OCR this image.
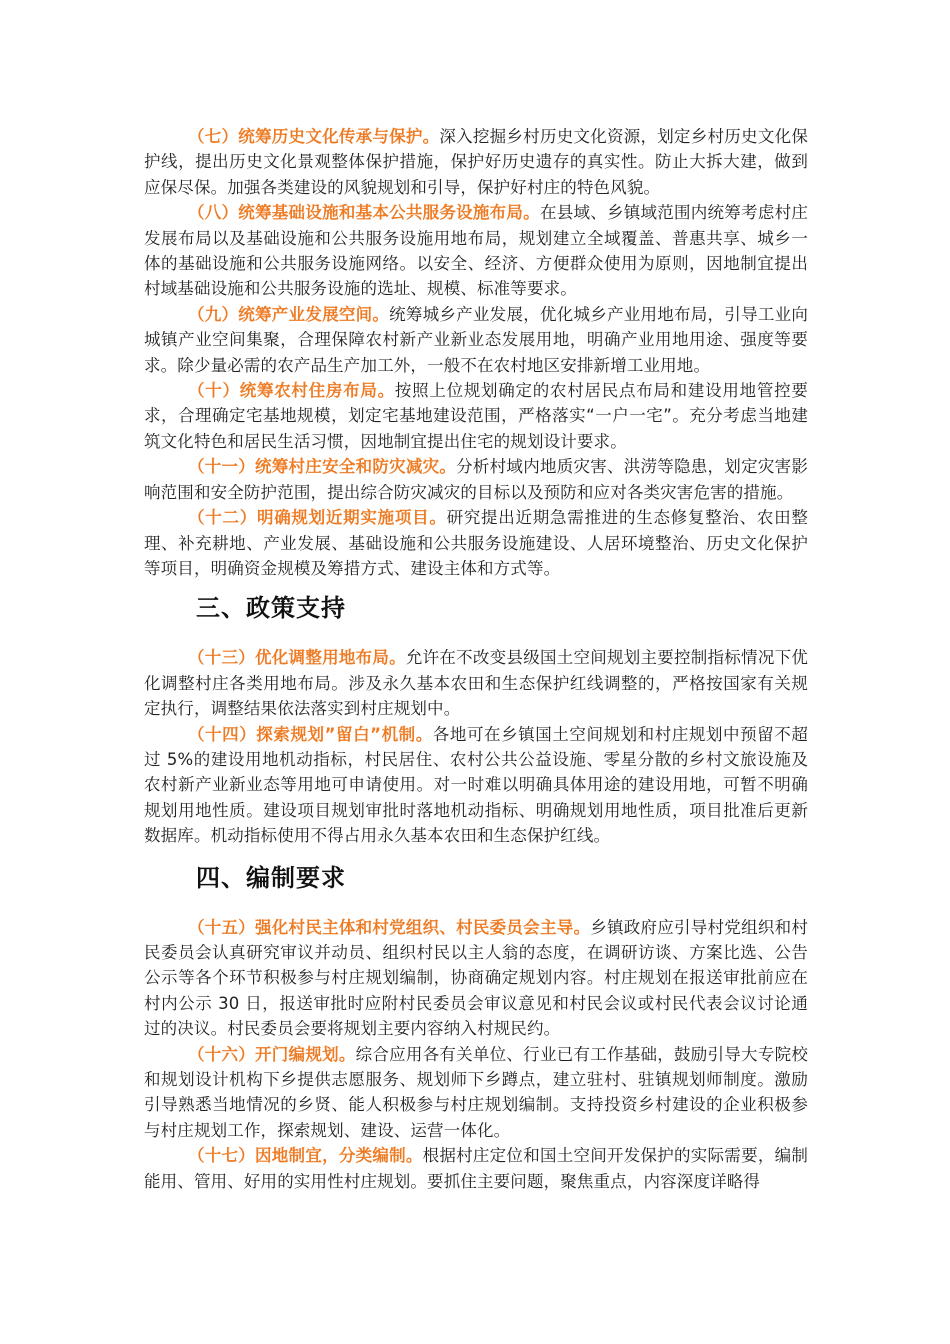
（七）统筹历史文化传承与保护。深入挖掘乡村历史文化资源，划定乡村历史文化保护线，提出历史文化景观整体保护措施，保护好历史遗存的真实性。防止大拆大建，做到应保尽保。加强各类建设的风貌规划和引导，保护好村庄的特色风貌。

（八）统筹基础设施和基本公共服务设施布局。在县域、乡镇域范围内统筹考虑村庄发展布局以及基础设施和公共服务设施用地布局，规划建立全域覆盖、普惠共享、城乡一体的基础设施和公共服务设施网络。以安全、经济、方便群众使用为原则，因地制宜提出村域基础设施和公共服务设施的选址、规模、标准等要求。

（九）统筹产业发展空间。统筹城乡产业发展，优化城乡产业用地布局，引导工业向城镇产业空间集聚，合理保障农村新产业新业态发展用地，明确产业用地用途、强度等要求。除少量必需的农产品生产加工外，一般不在农村地区安排新增工业用地。

（十）统筹农村住房布局。按照上位规划确定的农村居民点布局和建设用地管控要求，合理确定宅基地规模，划定宅基地建设范围，严格落实“一户一宅”。充分考虑当地建筑文化特色和居民生活习惯，因地制宜提出住宅的规划设计要求。

（十一）统筹村庄安全和防灾减灾。分析村域内地质灾害、洪涝等隐患，划定灾害影响范围和安全防护范围，提出综合防灾减灾的目标以及预防和应对各类灾害危害的措施。

（十二）明确规划近期实施项目。研究提出近期急需推进的生态修复整治、农田整理、补充耕地、产业发展、基础设施和公共服务设施建设、人居环境整治、历史文化保护等项目，明确资金规模及筹措方式、建设主体和方式等。

三、政策支持

（十三）优化调整用地布局。允许在不改变县级国土空间规划主要控制指标情况下优化调整村庄各类用地布局。涉及永久基本农田和生态保护红线调整的，严格按国家有关规定执行，调整结果依法落实到村庄规划中。

（十四）探索规划”留白”机制。各地可在乡镇国土空间规划和村庄规划中预留不超过 5%的建设用地机动指标，村民居住、农村公共公益设施、零星分散的乡村文旅设施及农村新产业新业态等用地可申请使用。对一时难以明确具体用途的建设用地，可暂不明确规划用地性质。建设项目规划审批时落地机动指标、明确规划用地性质，项目批准后更新数据库。机动指标使用不得占用永久基本农田和生态保护红线。

四、编制要求

（十五）强化村民主体和村党组织、村民委员会主导。乡镇政府应引导村党组织和村民委员会认真研究审议并动员、组织村民以主人翁的态度，在调研访谈、方案比选、公告公示等各个环节积极参与村庄规划编制，协商确定规划内容。村庄规划在报送审批前应在村内公示 30 日，报送审批时应附村民委员会审议意见和村民会议或村民代表会议讨论通过的决议。村民委员会要将规划主要内容纳入村规民约。

（十六）开门编规划。综合应用各有关单位、行业已有工作基础，鼓励引导大专院校和规划设计机构下乡提供志愿服务、规划师下乡蹲点，建立驻村、驻镇规划师制度。激励引导熟悉当地情况的乡贤、能人积极参与村庄规划编制。支持投资乡村建设的企业积极参与村庄规划工作，探索规划、建设、运营一体化。

（十七）因地制宜，分类编制。根据村庄定位和国土空间开发保护的实际需要，编制能用、管用、好用的实用性村庄规划。要抓住主要问题，聚焦重点，内容深度详略得
